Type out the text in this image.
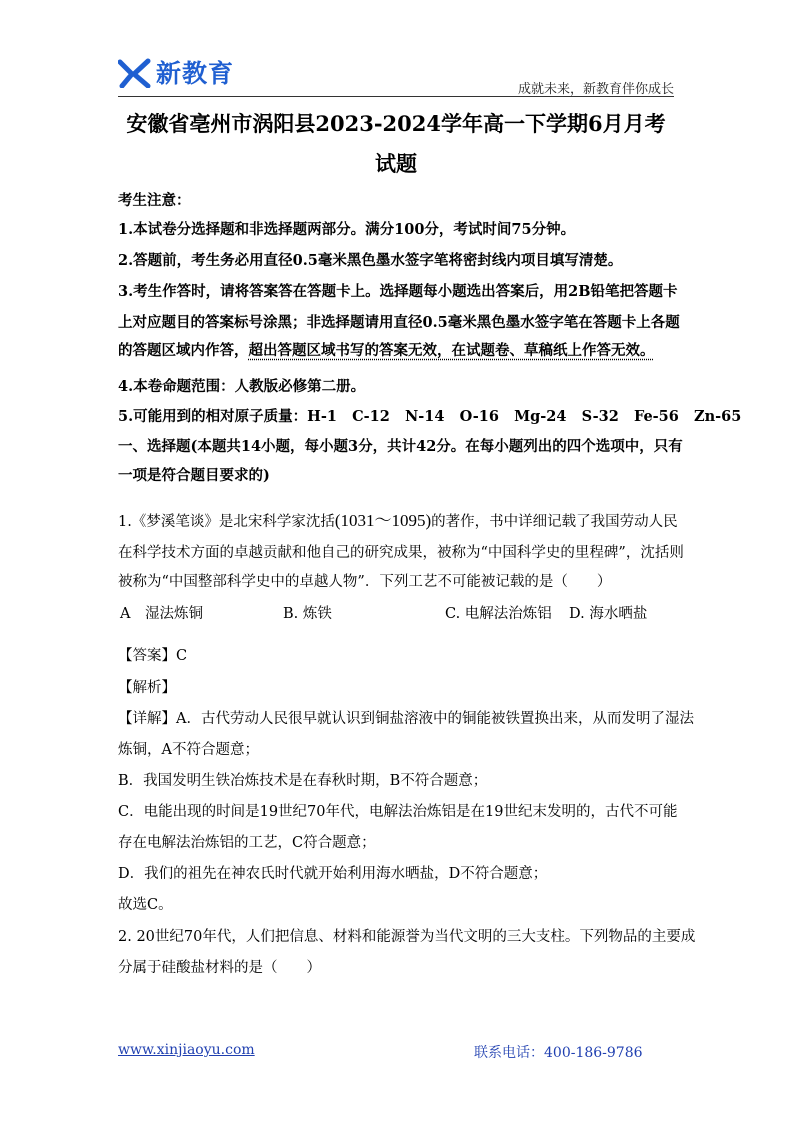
新教育
成就未来，新教育伴你成长
安徽省亳州市涡阳县2023-2024学年高一下学期6月月考
试题
考生注意：
1.本试卷分选择题和非选择题两部分。满分100分，考试时间75分钟。
2.答题前，考生务必用直径0.5毫米黑色墨水签字笔将密封线内项目填写清楚。
3.考生作答时，请将答案答在答题卡上。选择题每小题选出答案后，用2B铅笔把答题卡
上对应题目的答案标号涂黑；非选择题请用直径0.5毫米黑色墨水签字笔在答题卡上各题
的答题区域内作答，超出答题区域书写的答案无效，在试题卷、草稿纸上作答无效。
4.本卷命题范围：人教版必修第二册。
5.可能用到的相对原子质量：H-1   C-12   N-14   O-16   Mg-24   S-32   Fe-56   Zn-65
一、选择题(本题共14小题，每小题3分，共计42分。在每小题列出的四个选项中，只有
一项是符合题目要求的)
1.《梦溪笔谈》是北宋科学家沈括(1031～1095)的著作，书中详细记载了我国劳动人民
在科学技术方面的卓越贡献和他自己的研究成果，被称为“中国科学史的里程碑”，沈括则
被称为“中国整部科学史中的卓越人物”．下列工艺不可能被记载的是（　　）
A　湿法炼铜	B. 炼铁	C. 电解法治炼铝 D. 海水晒盐
【答案】C
【解析】
【详解】A．古代劳动人民很早就认识到铜盐溶液中的铜能被铁置换出来，从而发明了湿法
炼铜，A不符合题意；
B．我国发明生铁冶炼技术是在春秋时期，B不符合题意；
C．电能出现的时间是19世纪70年代，电解法治炼铝是在19世纪末发明的，古代不可能
存在电解法治炼铝的工艺，C符合题意；
D．我们的祖先在神农氏时代就开始利用海水晒盐，D不符合题意；
故选C。
2. 20世纪70年代，人们把信息、材料和能源誉为当代文明的三大支柱。下列物品的主要成
分属于硅酸盐材料的是（　　）
www.xinjiaoyu.com	联系电话：400-186-9786
